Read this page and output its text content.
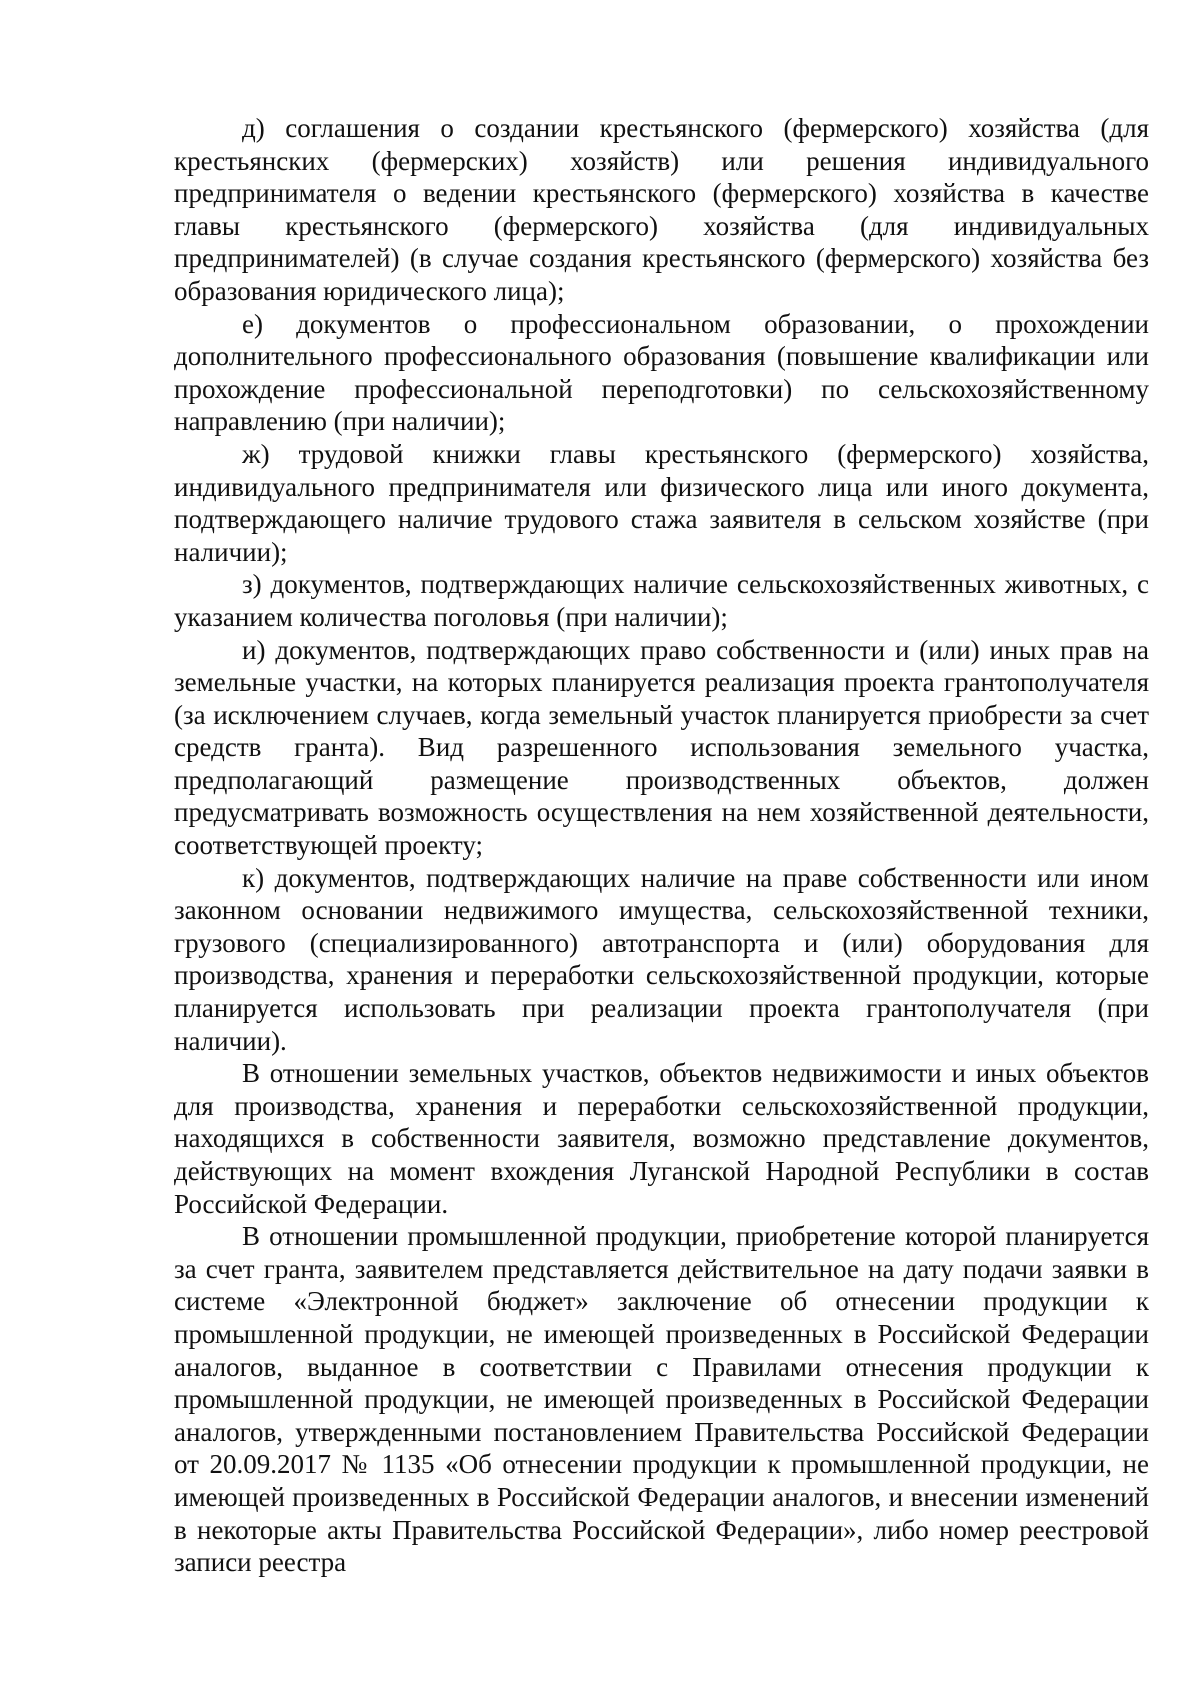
д) соглашения о создании крестьянского (фермерского) хозяйства (для крестьянских (фермерских) хозяйств) или решения индивидуального предпринимателя о ведении крестьянского (фермерского) хозяйства в качестве главы крестьянского (фермерского) хозяйства (для индивидуальных предпринимателей) (в случае создания крестьянского (фермерского) хозяйства без образования юридического лица);

е) документов о профессиональном образовании, о прохождении дополнительного профессионального образования (повышение квалификации или прохождение профессиональной переподготовки) по сельскохозяйственному направлению (при наличии);

ж) трудовой книжки главы крестьянского (фермерского) хозяйства, индивидуального предпринимателя или физического лица или иного документа, подтверждающего наличие трудового стажа заявителя в сельском хозяйстве (при наличии);

з) документов, подтверждающих наличие сельскохозяйственных животных, с указанием количества поголовья (при наличии);

и) документов, подтверждающих право собственности и (или) иных прав на земельные участки, на которых планируется реализация проекта грантополучателя (за исключением случаев, когда земельный участок планируется приобрести за счет средств гранта). Вид разрешенного использования земельного участка, предполагающий размещение производственных объектов, должен предусматривать возможность осуществления на нем хозяйственной деятельности, соответствующей проекту;

к) документов, подтверждающих наличие на праве собственности или ином законном основании недвижимого имущества, сельскохозяйственной техники, грузового (специализированного) автотранспорта и (или) оборудования для производства, хранения и переработки сельскохозяйственной продукции, которые планируется использовать при реализации проекта грантополучателя (при наличии).

В отношении земельных участков, объектов недвижимости и иных объектов для производства, хранения и переработки сельскохозяйственной продукции, находящихся в собственности заявителя, возможно представление документов, действующих на момент вхождения Луганской Народной Республики в состав Российской Федерации.

В отношении промышленной продукции, приобретение которой планируется за счет гранта, заявителем представляется действительное на дату подачи заявки в системе «Электронной бюджет» заключение об отнесении продукции к промышленной продукции, не имеющей произведенных в Российской Федерации аналогов, выданное в соответствии с Правилами отнесения продукции к промышленной продукции, не имеющей произведенных в Российской Федерации аналогов, утвержденными постановлением Правительства Российской Федерации от 20.09.2017 № 1135 «Об отнесении продукции к промышленной продукции, не имеющей произведенных в Российской Федерации аналогов, и внесении изменений в некоторые акты Правительства Российской Федерации», либо номер реестровой записи реестра
